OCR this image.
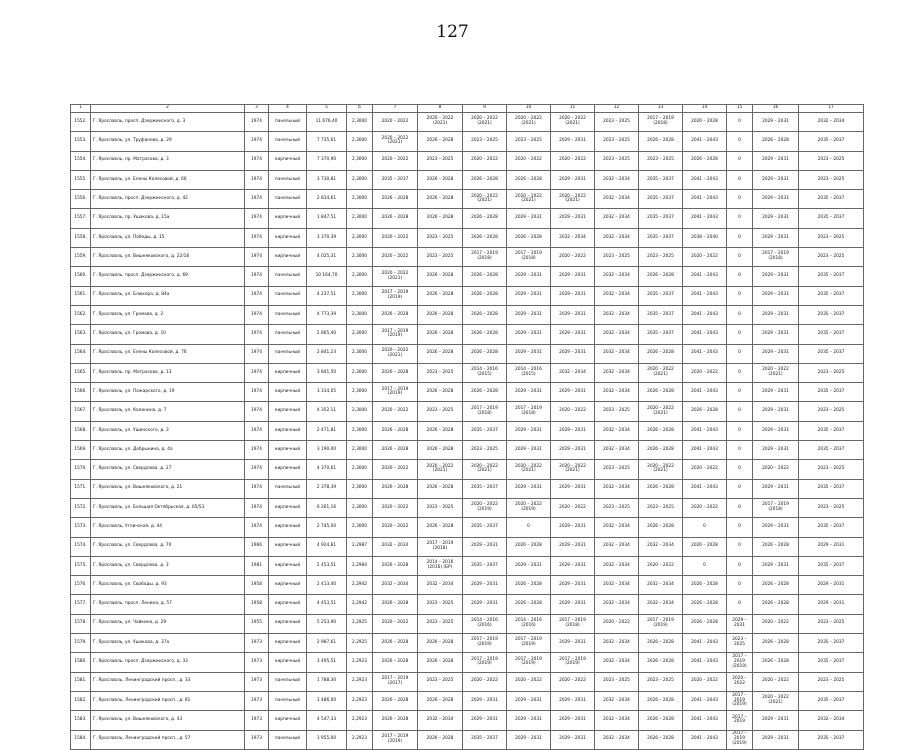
127
1	2	3	4	5	6	7	8	9	10	11	12	13	14	15	16	17
1552.	Г. Ярославль, просп. Дзержинского, д. 3	1974	панельный	11 676,40	2,3000	2020 – 2022	2020 – 2022 (2021)	2020 – 2022 (2021)	2020 – 2022 (2021)	2020 – 2022 (2021)	2023 – 2025	2017 – 2019 (2018)	2026 – 2028	0	2029 – 2031	2032 – 2034
1553.	Г. Ярославль, ул. Труфанова, д. 29	1974	панельный	7 735,61	2,3000	2020 – 2022 (2021)	2026 – 2028	2023 – 2025	2023 – 2025	2029 – 2031	2023 – 2025	2026 – 2028	2041 – 2043	0	2026 – 2028	2035 – 2037
1554.	Г. Ярославль, пр. Матросова, д. 3	1974	кирпичный	7 370,90	2,3000	2020 – 2022	2023 – 2025	2020 – 2022	2020 – 2022	2020 – 2022	2023 – 2025	2023 – 2025	2026 – 2028	0	2029 – 2031	2023 – 2025
1555.	Г. Ярославль, ул. Елены Колесовой, д. 66	1974	панельный	3 730,81	2,3000	2035 – 2037	2026 – 2028	2026 – 2028	2026 – 2028	2029 – 2031	2032 – 2034	2035 – 2037	2041 – 2043	0	2029 – 2031	2023 – 2025
1556.	Г. Ярославль, просп. Дзержинского, д. 42	1974	панельный	2 814,61	2,3000	2026 – 2028	2026 – 2028	2020 – 2022 (2021)	2020 – 2022 (2021)	2020 – 2022 (2021)	2032 – 2034	2035 – 2037	2041 – 2043	0	2029 – 2031	2035 – 2037
1557.	Г. Ярославль, пр. Ушакова, д. 15а	1974	кирпичный	1 847,51	2,3000	2026 – 2028	2026 – 2028	2026 – 2028	2029 – 2031	2029 – 2031	2032 – 2034	2035 – 2037	2041 – 2043	0	2029 – 2031	2035 – 2037
1558.	Г. Ярославль, ул. Победы, д. 15	1974	кирпичный	3 370,39	2,3000	2020 – 2022	2023 – 2025	2026 – 2028	2026 – 2028	2032 – 2034	2032 – 2034	2035 – 2037	2038 – 2040	0	2029 – 2031	2023 – 2025
1559.	Г. Ярославль, ул. Вишняковского, д. 22/18	1974	кирпичный	4 025,31	2,3000	2020 – 2022	2023 – 2025	2017 – 2019 (2018)	2017 – 2019 (2018)	2020 – 2022	2023 – 2025	2023 – 2025	2020 – 2022	0	2017 – 2019 (2018)	2023 – 2025
1560.	Г. Ярославль, просп. Дзержинского, д. 69	1974	панельный	10 164,70	2,3000	2020 – 2022 (2021)	2026 – 2028	2026 – 2028	2029 – 2031	2029 – 2031	2032 – 2034	2026 – 2028	2041 – 2043	0	2029 – 2031	2035 – 2037
1561.	Г. Ярославль, ул. Блюхера, д. 84а	1974	панельный	4 237,51	2,3000	2017 – 2019 (2019)	2026 – 2028	2026 – 2028	2029 – 2031	2029 – 2031	2032 – 2034	2035 – 2037	2041 – 2043	0	2029 – 2031	2035 – 2037
1562.	Г. Ярославль, ул. Громова, д. 2	1974	панельный	4 773,39	2,3000	2026 – 2028	2026 – 2028	2026 – 2028	2029 – 2031	2029 – 2031	2032 – 2034	2035 – 2037	2041 – 2043	0	2029 – 2031	2035 – 2037
1563.	Г. Ярославль, ул. Громова, д. 10	1974	панельный	2 865,40	2,3000	2017 – 2019 (2019)	2026 – 2028	2026 – 2028	2029 – 2031	2029 – 2031	2032 – 2034	2035 – 2037	2041 – 2043	0	2029 – 2031	2035 – 2037
1564.	Г. Ярославль, ул. Елены Колесовой, д. 76	1974	панельный	2 841,23	2,3000	2020 – 2022 (2021)	2026 – 2028	2026 – 2028	2029 – 2031	2029 – 2031	2032 – 2034	2026 – 2028	2041 – 2043	0	2029 – 2031	2035 – 2037
1565.	Г. Ярославль, пр. Матросова, д. 13	1974	кирпичный	3 841,50	2,3000	2026 – 2028	2023 – 2025	2014 – 2016 (2015)	2014 – 2016 (2015)	2032 – 2034	2032 – 2034	2020 – 2022 (2021)	2020 – 2022	0	2020 – 2022 (2021)	2023 – 2025
1566.	Г. Ярославль, ул. Пожарского, д. 19	1974	кирпичный	3 314,05	2,3000	2017 – 2019 (2019)	2026 – 2028	2026 – 2028	2029 – 2031	2029 – 2031	2032 – 2034	2026 – 2028	2041 – 2043	0	2029 – 2031	2035 – 2037
1567.	Г. Ярославль, ул. Калинина, д. 7	1974	кирпичный	4 352,11	2,3000	2020 – 2022	2023 – 2025	2017 – 2019 (2018)	2017 – 2019 (2018)	2020 – 2022	2023 – 2025	2020 – 2022 (2021)	2026 – 2028	0	2029 – 2031	2023 – 2025
1568.	Г. Ярославль, ул. Ушинского, д. 3	1974	кирпичный	2 471,81	2,3000	2026 – 2028	2026 – 2028	2035 – 2037	2029 – 2031	2029 – 2031	2032 – 2034	2026 – 2028	2041 – 2043	0	2029 – 2031	2035 – 2037
1569.	Г. Ярославль, ул. Добрынина, д. 4а	1974	кирпичный	3 190,00	2,3000	2026 – 2028	2026 – 2028	2023 – 2025	2029 – 2031	2029 – 2031	2032 – 2034	2026 – 2028	2041 – 2043	0	2029 – 2031	2035 – 2037
1570.	Г. Ярославль, ул. Свердлова, д. 27	1974	кирпичный	4 370,61	2,3000	2020 – 2022	2020 – 2022 (2021)	2020 – 2022 (2021)	2020 – 2022 (2021)	2020 – 2022 (2021)	2023 – 2025	2020 – 2022 (2021)	2020 – 2022	0	2020 – 2022	2023 – 2025
1571.	Г. Ярославль, ул. Вишняковского, д. 21	1974	панельный	2 378,39	2,3000	2026 – 2028	2026 – 2028	2035 – 2037	2029 – 2031	2029 – 2031	2032 – 2034	2026 – 2028	2041 – 2043	0	2029 – 2031	2035 – 2037
1572.	Г. Ярославль, ул. Большая Октябрьская, д. 65/53	1974	кирпичный	6 261,16	2,3000	2020 – 2022	2023 – 2025	2020 – 2022 (2019)	2020 – 2022 (2019)	2020 – 2022	2023 – 2025	2023 – 2025	2020 – 2022	0	2017 – 2019 (2018)	2023 – 2025
1573.	Г. Ярославль, Угличская, д. 44	1974	кирпичный	2 745,00	2,3000	2020 – 2022	2026 – 2028	2035 – 2037	0	2029 – 2031	2032 – 2034	2026 – 2028	0	0	2029 – 2031	2035 – 2037
1574.	Г. Ярославль, ул. Свердлова, д. 70	1966	кирпичный	4 924,81	2,2987	2032 – 2034	2017 – 2019 (2018)	2029 – 2031	2026 – 2028	2029 – 2031	2032 – 2034	2032 – 2034	2026 – 2028	0	2026 – 2028	2029 – 2031
1575.	Г. Ярославль, ул. Свердлова, д. 3	1981	кирпичный	2 453,51	2,2984	2026 – 2028	2014 – 2016 (2016) (БР)	2035 – 2037	2029 – 2031	2029 – 2031	2032 – 2034	2020 – 2022	0	0	2029 – 2031	2035 – 2037
1576.	Г. Ярославль, ул. Свободы, д. 93	1958	кирпичный	2 413,40	2,2942	2032 – 2034	2032 – 2034	2029 – 2031	2026 – 2028	2029 – 2031	2032 – 2034	2032 – 2034	2026 – 2028	0	2026 – 2028	2029 – 2031
1577.	Г. Ярославль, просп. Ленина, д. 57	1958	кирпичный	4 453,51	2,2942	2026 – 2028	2023 – 2025	2029 – 2031	2026 – 2028	2029 – 2031	2032 – 2034	2032 – 2034	2026 – 2028	0	2026 – 2028	2029 – 2031
1578.	Г. Ярославль, ул. Чайкина, д. 29	1955	кирпичный	5 253,90	2,2925	2020 – 2022	2023 – 2025	2014 – 2016 (2016)	2014 – 2016 (2016)	2017 – 2019 (2018)	2020 – 2022	2017 – 2019 (2019)	2026 – 2028	2029 – 2031	2020 – 2022	2023 – 2025
1579.	Г. Ярославль, ул. Ушакова, д. 37а	1973	кирпичный	2 987,61	2,2925	2026 – 2028	2026 – 2028	2017 – 2019 (2019)	2017 – 2019 (2019)	2029 – 2031	2032 – 2034	2026 – 2028	2041 – 2043	2023 – 2025	2026 – 2028	2035 – 2037
1580.	Г. Ярославль, просп. Дзержинского, д. 33	1973	кирпичный	3 495,51	2,2923	2026 – 2028	2026 – 2028	2017 – 2019 (2019)	2017 – 2019 (2019)	2017 – 2019 (2019)	2032 – 2034	2026 – 2028	2041 – 2043	2017 – 2019 (2019)	2026 – 2028	2035 – 2037
1581.	Г. Ярославль, Ленинградский просп., д. 33	1973	панельный	1 788,30	2,2923	2017 – 2019 (2017)	2023 – 2025	2020 – 2022	2020 – 2022	2020 – 2022	2023 – 2025	2023 – 2025	2020 – 2022	2020 – 2022	2020 – 2022	2023 – 2025
1582.	Г. Ярославль, Ленинградский просп., д. 81	1973	панельный	1 486,00	2,2923	2026 – 2028	2026 – 2028	2029 – 2031	2029 – 2031	2029 – 2031	2032 – 2034	2026 – 2028	2041 – 2043	2017 – 2019 (2019)	2020 – 2022 (2021)	2035 – 2037
1583.	Г. Ярославль, ул. Вишняковского, д. 43	1973	кирпичный	4 547,33	2,2923	2026 – 2028	2032 – 2034	2029 – 2031	2029 – 2031	2029 – 2031	2032 – 2034	2026 – 2028	2041 – 2043	2017 – 2019	2029 – 2031	2032 – 2034
1584.	Г. Ярославль, Ленинградский просп., д. 57	1973	панельный	1 955,00	2,2923	2017 – 2019 (2019)	2026 – 2028	2035 – 2037	2029 – 2031	2029 – 2031	2032 – 2034	2026 – 2028	2041 – 2043	2017 – 2019 (2019)	2029 – 2031	2035 – 2037
